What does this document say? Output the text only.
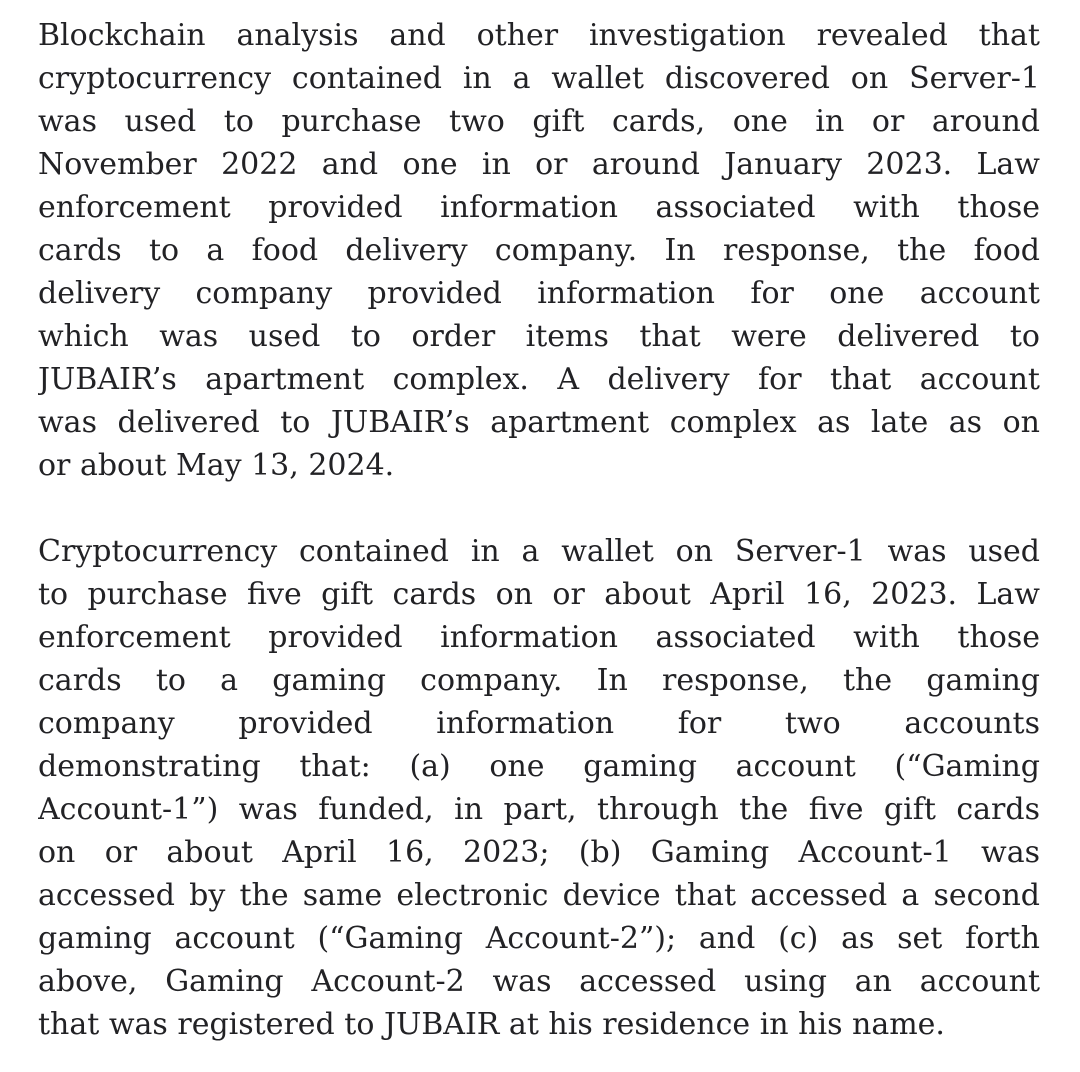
Blockchain analysis and other investigation revealed that
cryptocurrency contained in a wallet discovered on Server-1
was used to purchase two gift cards, one in or around
November 2022 and one in or around January 2023. Law
enforcement provided information associated with those
cards to a food delivery company. In response, the food
delivery company provided information for one account
which was used to order items that were delivered to
JUBAIR’s apartment complex. A delivery for that account
was delivered to JUBAIR’s apartment complex as late as on
or about May 13, 2024.
Cryptocurrency contained in a wallet on Server-1 was used
to purchase five gift cards on or about April 16, 2023. Law
enforcement provided information associated with those
cards to a gaming company. In response, the gaming
company provided information for two accounts
demonstrating that: (a) one gaming account (“Gaming
Account-1”) was funded, in part, through the five gift cards
on or about April 16, 2023; (b) Gaming Account-1 was
accessed by the same electronic device that accessed a second
gaming account (“Gaming Account-2”); and (c) as set forth
above, Gaming Account-2 was accessed using an account
that was registered to JUBAIR at his residence in his name.
